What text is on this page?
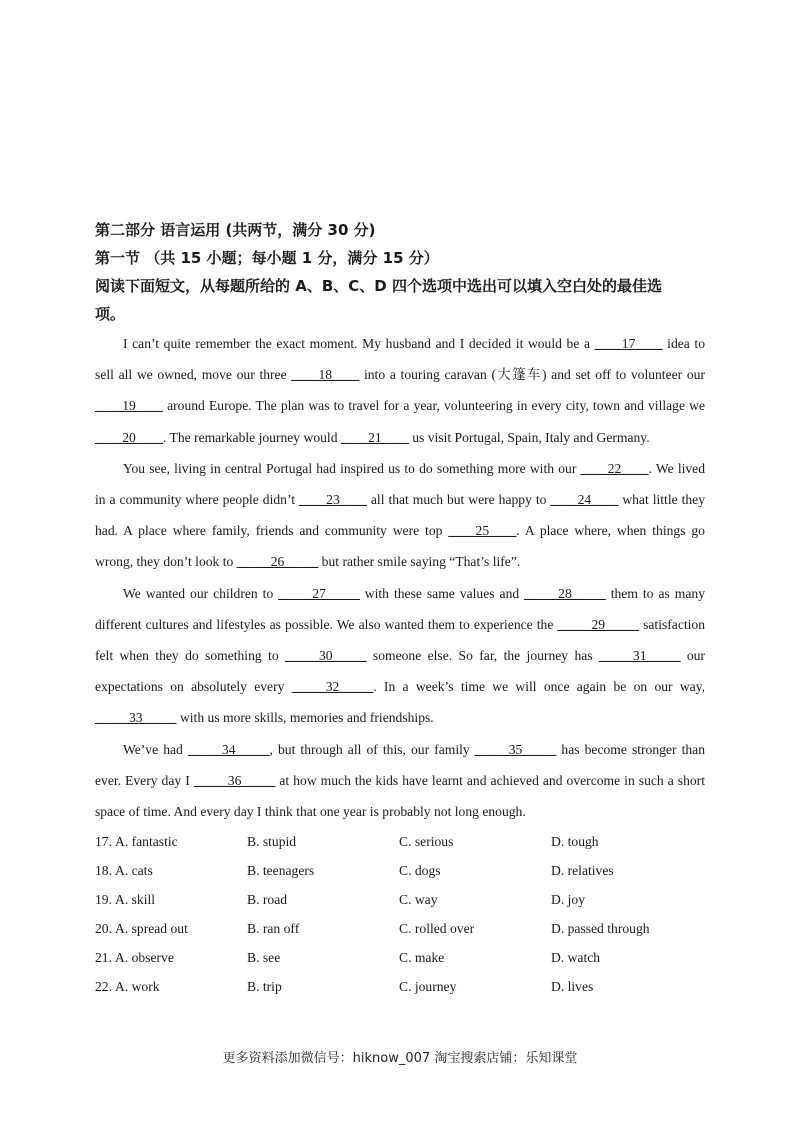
第二部分 语言运用 (共两节，满分 30 分)

第一节 （共 15 小题；每小题 1 分，满分 15 分）

阅读下面短文，从每题所给的 A、B、C、D 四个选项中选出可以填入空白处的最佳选
项。

I can’t quite remember the exact moment. My husband and I decided it would be a ____17____ idea to sell all we owned, move our three ____18____ into a touring caravan (大篷车) and set off to volunteer our ____19____ around Europe. The plan was to travel for a year, volunteering in every city, town and village we ____20____. The remarkable journey would ____21____ us visit Portugal, Spain, Italy and Germany.

You see, living in central Portugal had inspired us to do something more with our ____22____. We lived in a community where people didn’t ____23____ all that much but were happy to ____24____ what little they had. A place where family, friends and community were top ____25____. A place where, when things go wrong, they don’t look to _____26_____ but rather smile saying “That’s life”.

We wanted our children to _____27_____ with these same values and _____28_____ them to as many different cultures and lifestyles as possible. We also wanted them to experience the _____29_____ satisfaction felt when they do something to _____30_____ someone else. So far, the journey has _____31_____ our expectations on absolutely every _____32_____. In a week’s time we will once again be on our way, _____33_____ with us more skills, memories and friendships.

We’ve had _____34_____, but through all of this, our family _____35_____ has become stronger than ever. Every day I _____36_____ at how much the kids have learnt and achieved and overcome in such a short space of time. And every day I think that one year is probably not long enough.

17. A. fantastic	B. stupid	C. serious	D. tough
18. A. cats	B. teenagers	C. dogs	D. relatives
19. A. skill	B. road	C. way	D. joy
20. A. spread out	B. ran off	C. rolled over	D. passed through
21. A. observe	B. see	C. make	D. watch
22. A. work	B. trip	C. journey	D. lives
更多资料添加微信号：hiknow_007 淘宝搜索店铺：乐知课堂
